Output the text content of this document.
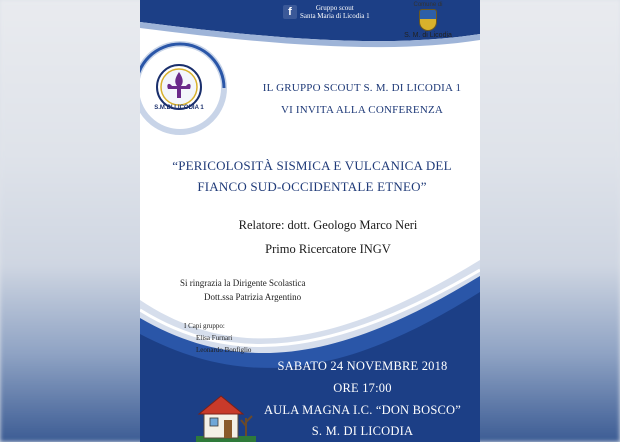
f	Gruppo scout
Santa Maria di Licodia 1
Comune di
S. M. di Licodia
S.M.DI LICODIA 1
IL GRUPPO SCOUT S. M. DI LICODIA 1
VI INVITA ALLA CONFERENZA
“PERICOLOSITÀ SISMICA E VULCANICA DEL
FIANCO SUD-OCCIDENTALE ETNEO”
Relatore: dott. Geologo Marco Neri
Primo Ricercatore INGV
Si ringrazia la Dirigente Scolastica
Dott.ssa Patrizia Argentino
I Capi gruppo:
Elisa Furnari
Leonardo Bonfiglio
SABATO 24 NOVEMBRE 2018
ORE 17:00
AULA MAGNA I.C. “DON BOSCO”
S. M. DI LICODIA
